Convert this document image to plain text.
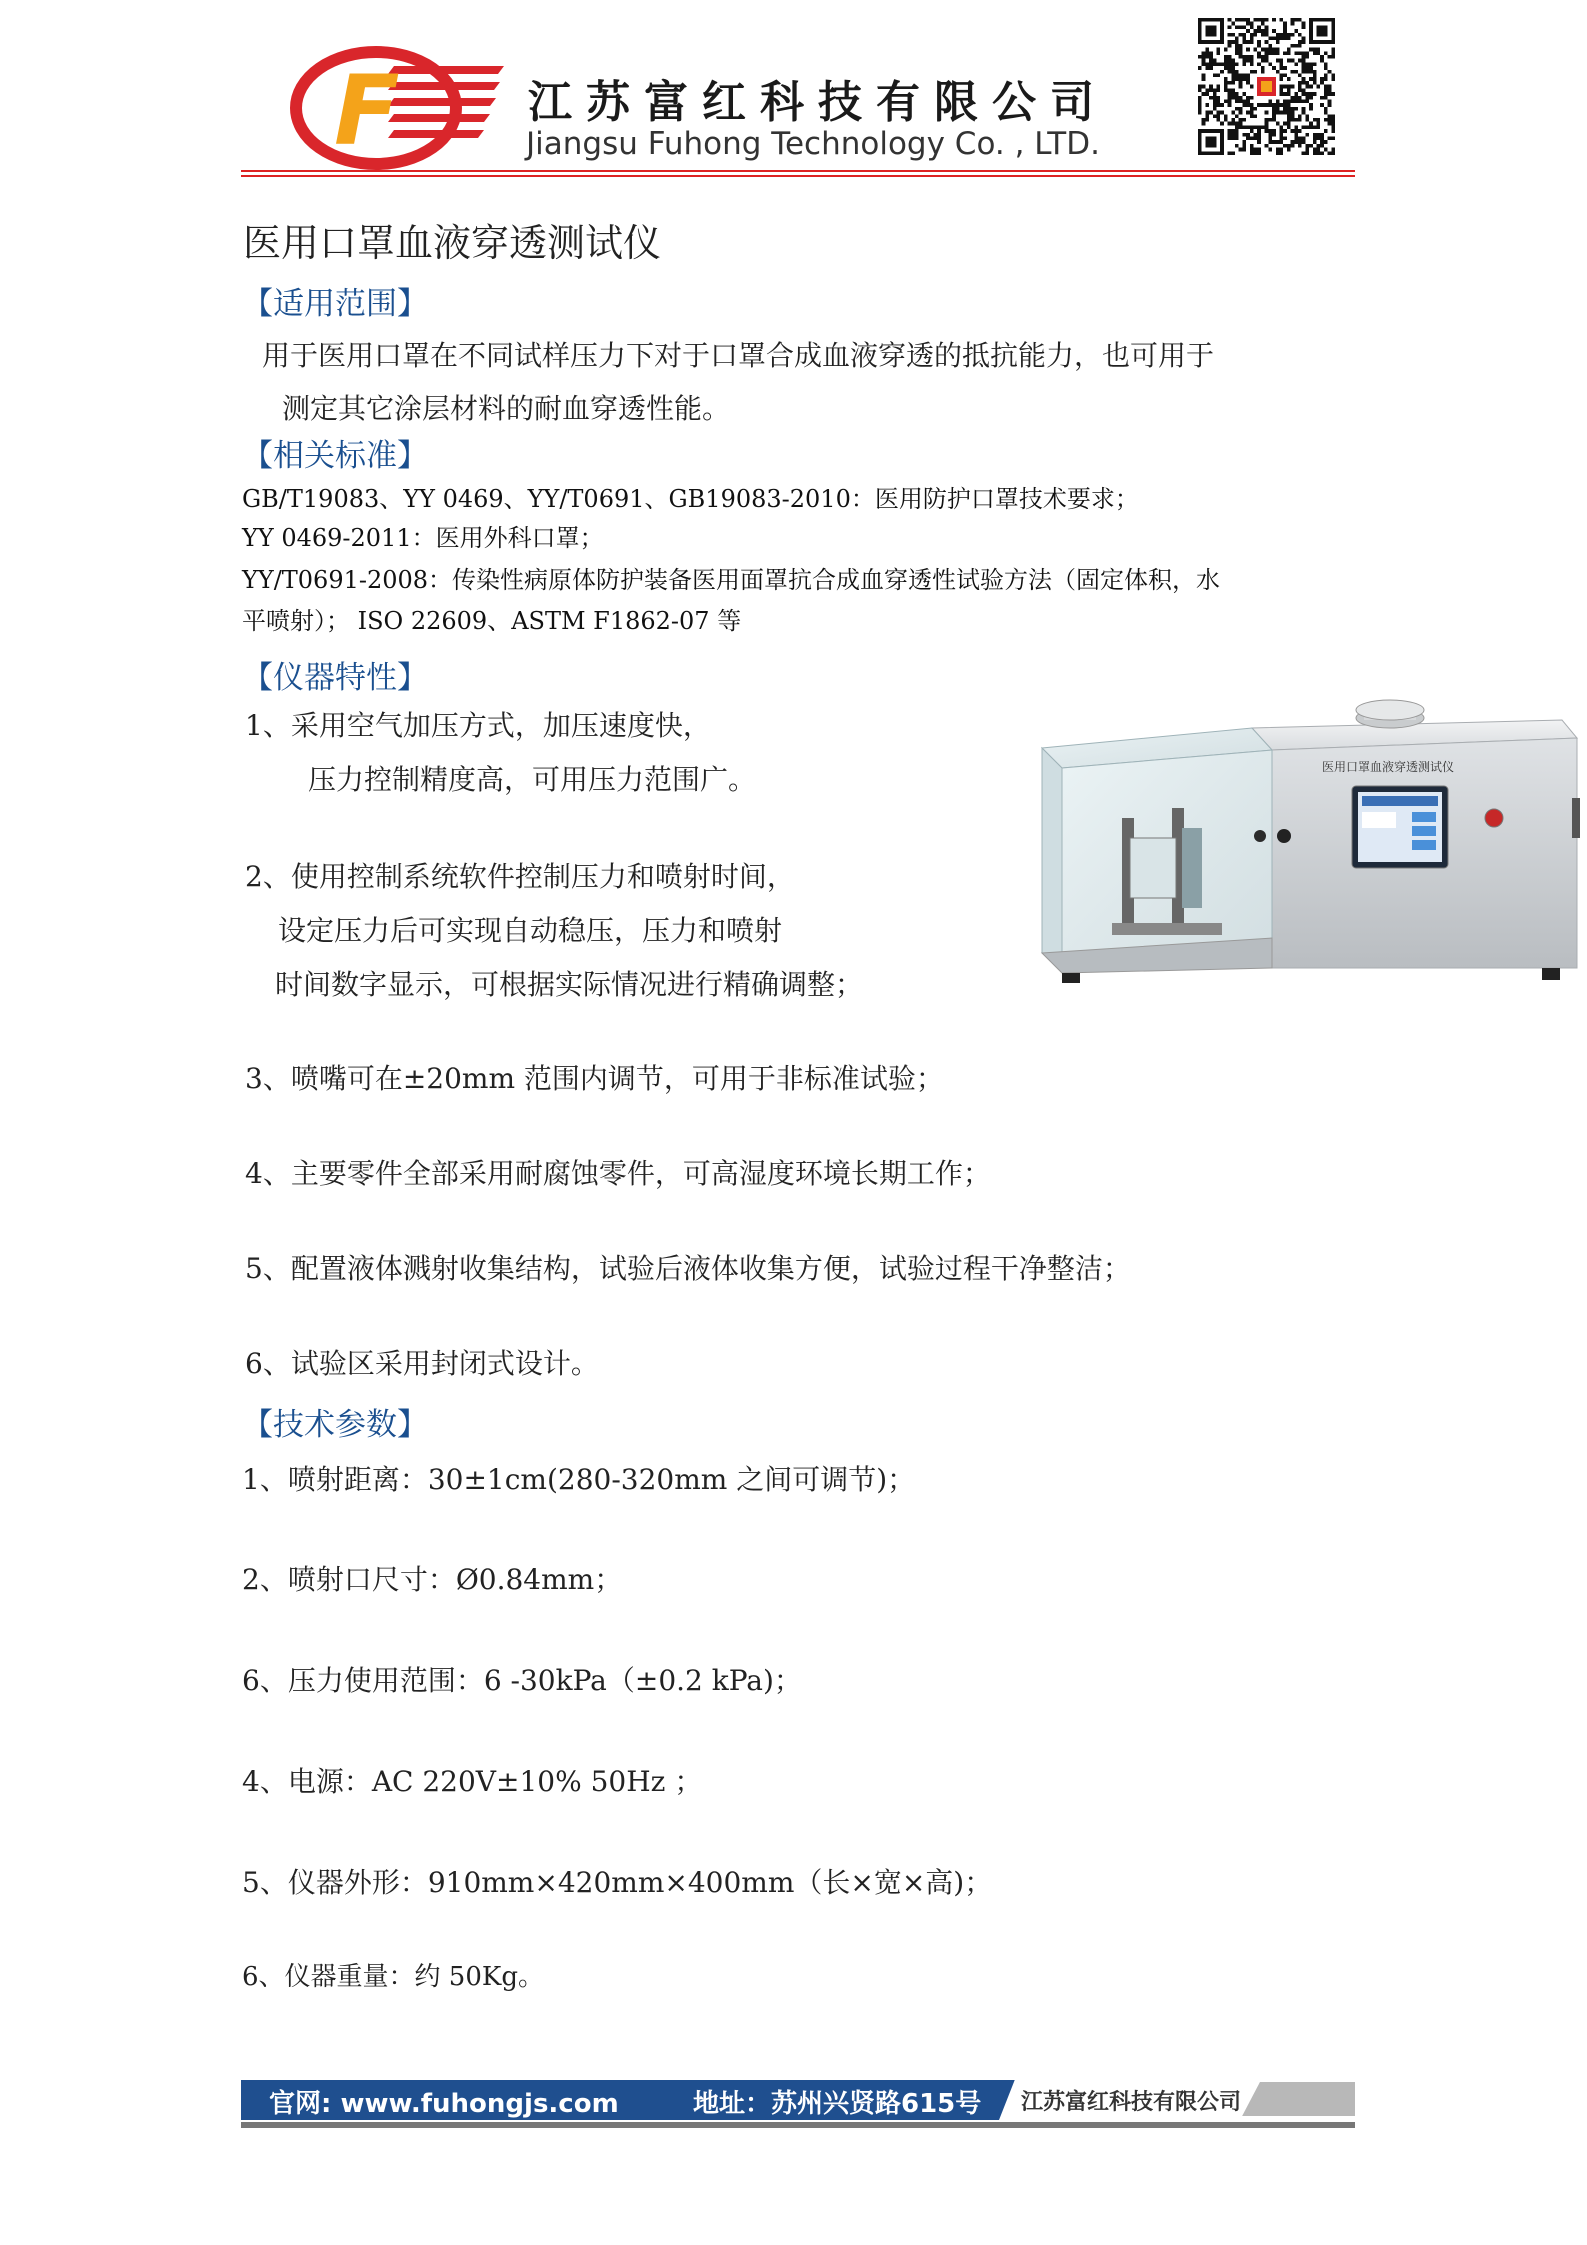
F	江苏富红科技有限公司
Jiangsu Fuhong Technology Co. , LTD.
医用口罩血液穿透测试仪
【适用范围】
用于医用口罩在不同试样压力下对于口罩合成血液穿透的抵抗能力，也可用于
测定其它涂层材料的耐血穿透性能。
【相关标准】
GB/T19083、YY 0469、YY/T0691、GB19083-2010：医用防护口罩技术要求；
YY 0469-2011：医用外科口罩；
YY/T0691-2008：传染性病原体防护装备医用面罩抗合成血穿透性试验方法（固定体积，水
平喷射）； ISO 22609、ASTM F1862-07 等
【仪器特性】
1、采用空气加压方式，加压速度快，
压力控制精度高，可用压力范围广。
2、使用控制系统软件控制压力和喷射时间，
设定压力后可实现自动稳压，压力和喷射
时间数字显示，可根据实际情况进行精确调整；
3、喷嘴可在±20mm 范围内调节，可用于非标准试验；
4、主要零件全部采用耐腐蚀零件，可高湿度环境长期工作；
5、配置液体溅射收集结构，试验后液体收集方便，试验过程干净整洁；
6、试验区采用封闭式设计。
医用口罩血液穿透测试仪
【技术参数】
1、喷射距离：30±1cm(280-320mm 之间可调节)；
2、喷射口尺寸：Ø0.84mm；
6、压力使用范围：6 -30kPa（±0.2 kPa)；
4、电源：AC 220V±10% 50Hz ；
5、仪器外形：910mm×420mm×400mm（长×宽×高)；
6、仪器重量：约 50Kg。
官网: www.fuhongjs.com	地址：苏州兴贤路615号 江苏富红科技有限公司
